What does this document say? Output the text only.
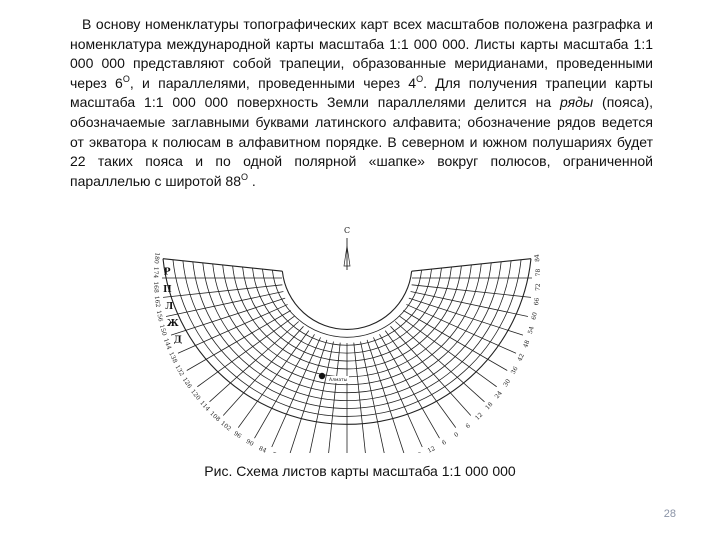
В основу номенклатуры топографических карт всех масштабов положена разграфка и номенклатура международной карты масштаба 1:1 000 000. Листы карты масштаба 1:1 000 000 представляют собой трапеции, образованные меридианами, проведенными через $6^O$, и параллелями, проведенными через $4^O$. Для получения трапеции карты масштаба 1:1 000 000 поверхность Земли параллелями делится на ряды (пояса), обозначаемые заглавными буквами латинского алфавита; обозначение рядов ведется от экватора к полюсам в алфавитном порядке. В северном и южном полушариях будет 22 таких пояса и по одной полярной «шапке» вокруг полюсов, ограниченной параллелью с широтой $88^O$ .

84
78
72
66
60
54
48
42
36
30
24
18
12
6
0
6
12
84
90
96
102
108
114
120
126
132
138
144
150
156
162
168
174
180
Р
П
Л
Ж
Д
С
Алматы
Рис. Схема листов карты масштаба 1:1 000 000
28
